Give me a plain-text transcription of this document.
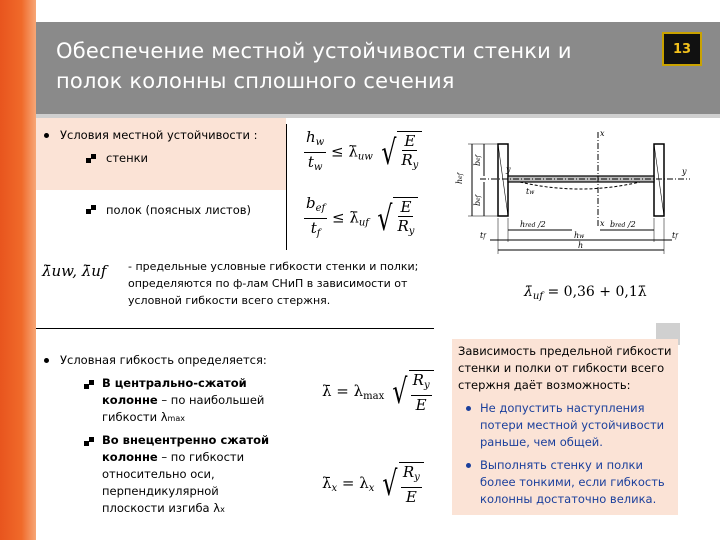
Обеспечение местной устойчивости стенки и
полок колонны сплошного сечения
13
Условия местной устойчивости :
стенки
полок (поясных листов)
$\frac{h_w}{t_w}$ ≤ $\lambdā_{uw}$ √ $\frac{E}{R_y}$
$\frac{b_{ef}}{t_f}$ ≤ $\lambdā_{uf}$ √ $\frac{E}{R_y}$
λ̄uw, λ̄uf - предельные условные гибкости стенки и полки; определяются по ф-лам СНиП в зависимости от условной гибкости всего стержня.
$\lambdā_{uf} = 0,36$ + 0,1λ̄
x
x
y	y
hef
bef
bef
hred /2	bred /2
hw
h
tf	tf
tw
Условная гибкость определяется:
В центрально-сжатой колонне – по наибольшей гибкости λmax
Во внецентренно сжатой колонне – по гибкости относительно оси, перпендикулярной плоскости изгиба λx
λ̄ = $\lambda_{max}$ √ $\frac{R_y}{E}$
$\lambdā_x = \lambda_x$ √ $\frac{R_y}{E}$
Зависимость предельной гибкости стенки и полки от гибкости всего стержня даёт возможность:
Не допустить наступления потери местной устойчивости раньше, чем общей.
Выполнять стенку и полки более тонкими, если гибкость колонны достаточно велика.
